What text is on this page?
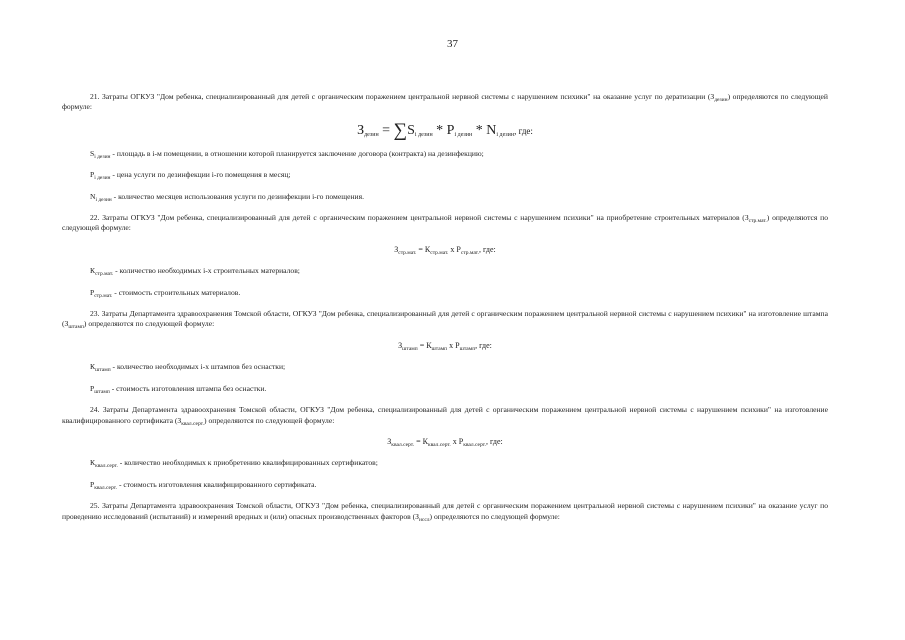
37

21. Затраты ОГКУЗ "Дом ребенка, специализированный для детей с органическим поражением центральной нервной системы с нарушением психики" на оказание услуг по дератизации $(З_{дезин})$ определяются по следующей формуле:

$З_{дезин} = \sum S_{i дезин} * P_{i дезин} * N_{i дезин}$, где:

$S_{i дезин}$ - площадь в i-м помещении, в отношении которой планируется заключение договора (контракта) на дезинфекцию;

$P_{i дезин}$ - цена услуги по дезинфекции i-го помещения в месяц;

$N_{i дезин}$ - количество месяцев использования услуги по дезинфекции i-го помещения.

22. Затраты ОГКУЗ "Дом ребенка, специализированный для детей с органическим поражением центральной нервной системы с нарушением психики" на приобретение строительных материалов $(З_{стр.мат.})$ определяются по следующей формуле:

$З_{стр.мат.} = К_{стр.мат.}$ х $Р_{стр.мат.}$, где:

$К_{стр.мат.}$ - количество необходимых i-х строительных материалов;

$Р_{стр.мат.}$ - стоимость строительных материалов.

23. Затраты Департамента здравоохранения Томской области, ОГКУЗ "Дом ребенка, специализированный для детей с органическим поражением центральной нервной системы с нарушением психики" на изготовление штампа $(З_{штамп})$ определяются по следующей формуле:

$З_{штамп} = К_{штамп}$ х $Р_{штамп}$, где:

$К_{штамп}$ - количество необходимых i-х штампов без оснастки;

$Р_{штамп}$ - стоимость изготовления штампа без оснастки.

24. Затраты Департамента здравоохранения Томской области, ОГКУЗ "Дом ребенка, специализированный для детей с органическим поражением центральной нервной системы с нарушением психики" на изготовление квалифицированного сертификата $(З_{квал.серт.})$ определяются по следующей формуле:

$З_{квал.серт.} = К_{квал.серт.}$ х $Р_{квал.серт.}$, где:

$К_{квал.серт.}$ - количество необходимых к приобретению квалифицированных сертификатов;

$Р_{квал.серт.}$ - стоимость изготовления квалифицированного сертификата.

25. Затраты Департамента здравоохранения Томской области, ОГКУЗ "Дом ребенка, специализированный для детей с органическим поражением центральной нервной системы с нарушением психики" на оказание услуг по проведению исследований (испытаний) и измерений вредных и (или) опасных производственных факторов $(З_{иссл})$ определяются по следующей формуле:
